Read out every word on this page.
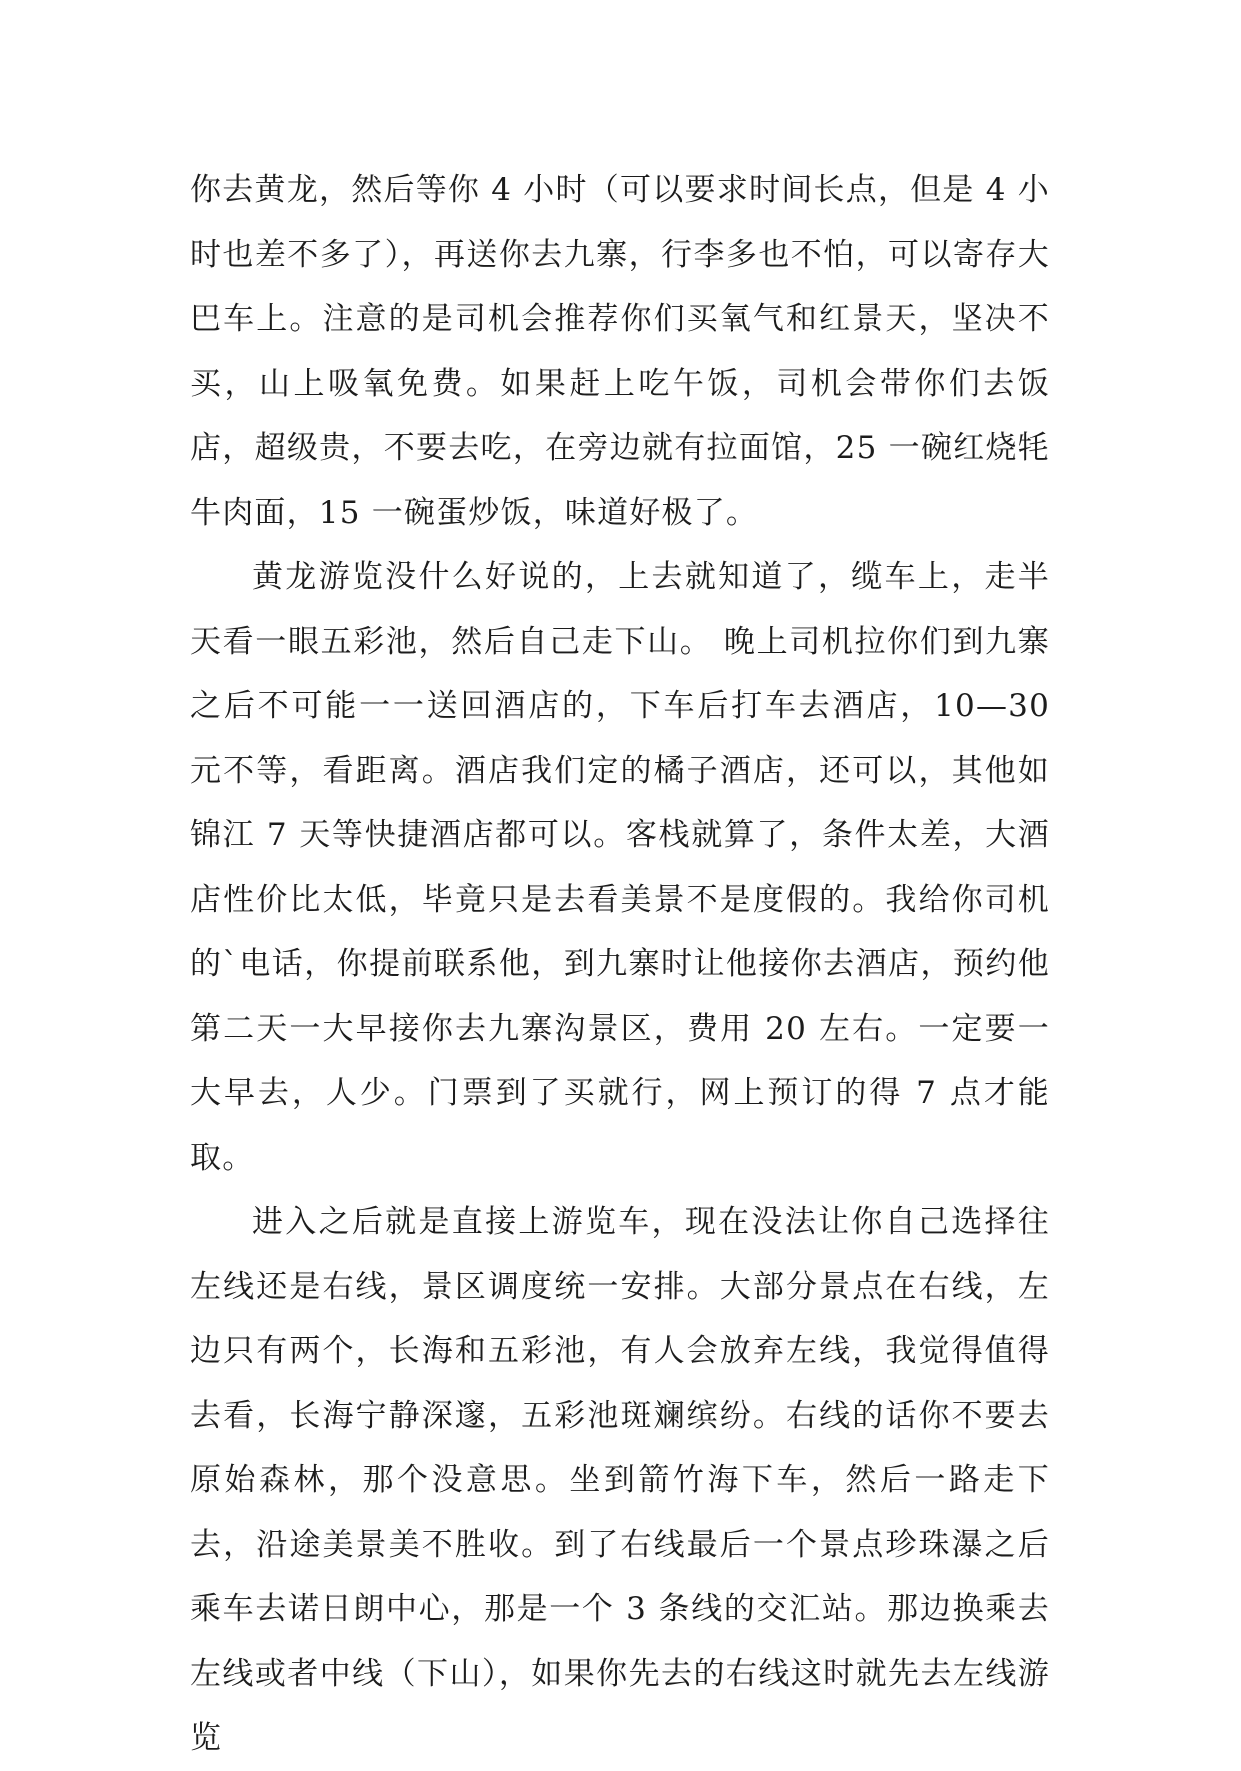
你去黄龙，然后等你 4 小时（可以要求时间长点，但是 4 小时也差不多了），再送你去九寨，行李多也不怕，可以寄存大巴车上。注意的是司机会推荐你们买氧气和红景天，坚决不买，山上吸氧免费。如果赶上吃午饭，司机会带你们去饭店，超级贵，不要去吃，在旁边就有拉面馆，25 一碗红烧牦牛肉面，15 一碗蛋炒饭，味道好极了。

黄龙游览没什么好说的，上去就知道了，缆车上，走半天看一眼五彩池，然后自己走下山。 晚上司机拉你们到九寨之后不可能一一送回酒店的，下车后打车去酒店，10—30 元不等，看距离。酒店我们定的橘子酒店，还可以，其他如锦江 7 天等快捷酒店都可以。客栈就算了，条件太差，大酒店性价比太低，毕竟只是去看美景不是度假的。我给你司机的`电话，你提前联系他，到九寨时让他接你去酒店，预约他第二天一大早接你去九寨沟景区，费用 20 左右。一定要一大早去，人少。门票到了买就行，网上预订的得 7 点才能取。

进入之后就是直接上游览车，现在没法让你自己选择往左线还是右线，景区调度统一安排。大部分景点在右线，左边只有两个，长海和五彩池，有人会放弃左线，我觉得值得去看，长海宁静深邃，五彩池斑斓缤纷。右线的话你不要去原始森林，那个没意思。坐到箭竹海下车，然后一路走下去，沿途美景美不胜收。到了右线最后一个景点珍珠瀑之后乘车去诺日朗中心，那是一个 3 条线的交汇站。那边换乘去左线或者中线（下山），如果你先去的右线这时就先去左线游览
